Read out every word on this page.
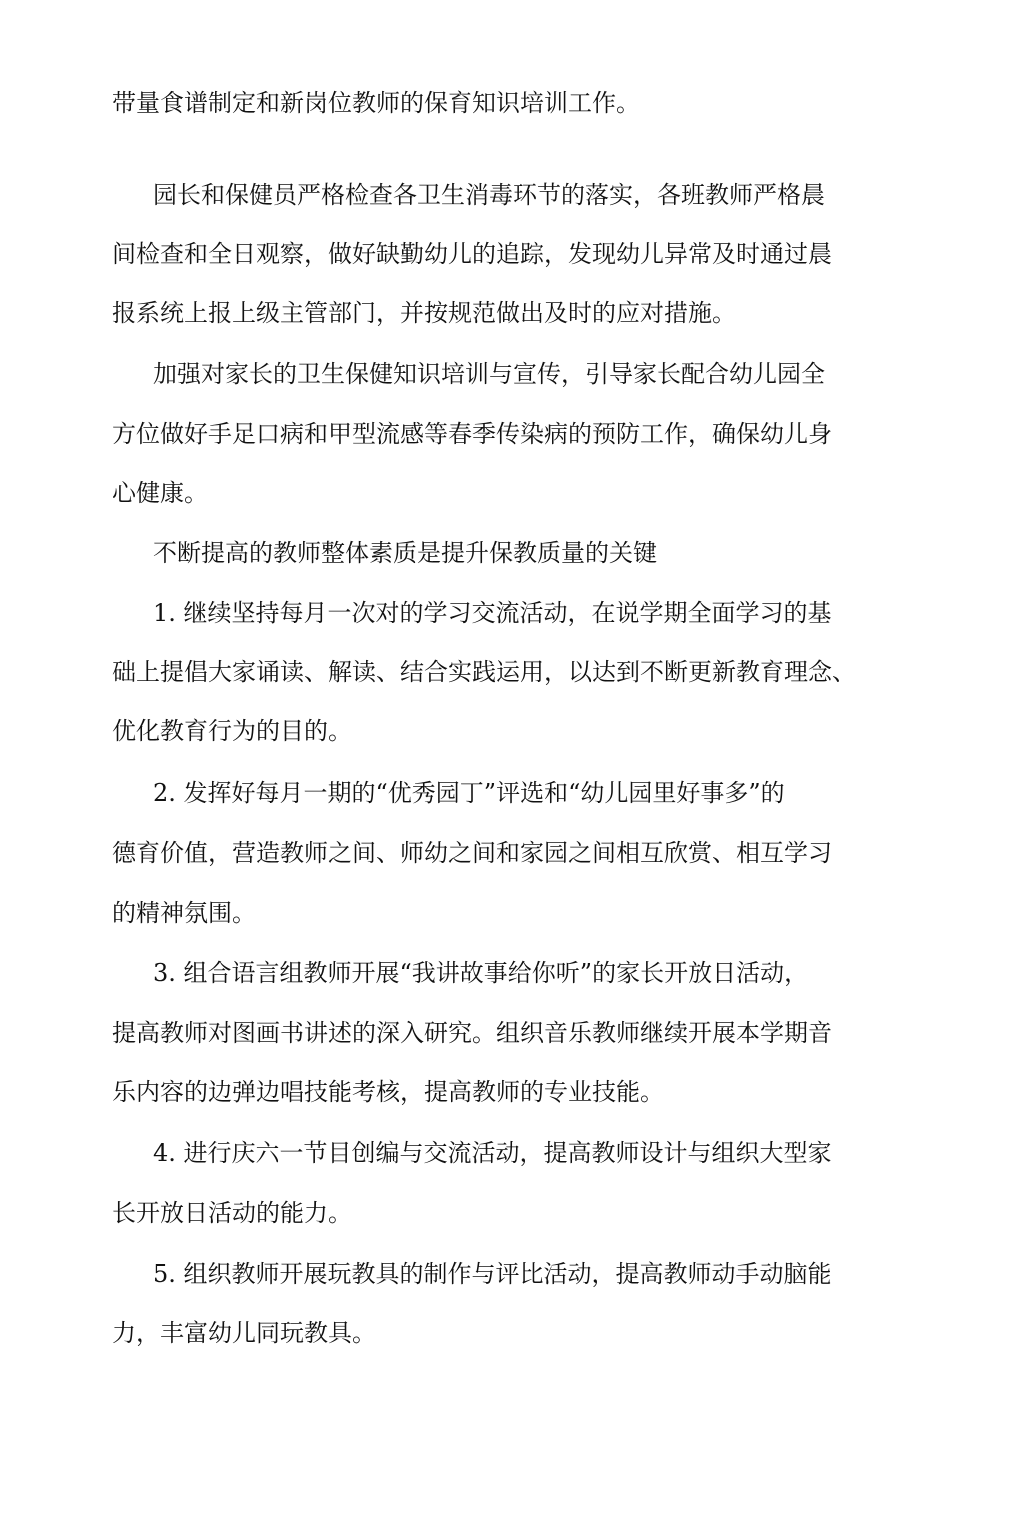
带量食谱制定和新岗位教师的保育知识培训工作。
园长和保健员严格检查各卫生消毒环节的落实，各班教师严格晨
间检查和全日观察，做好缺勤幼儿的追踪，发现幼儿异常及时通过晨
报系统上报上级主管部门，并按规范做出及时的应对措施。
加强对家长的卫生保健知识培训与宣传，引导家长配合幼儿园全
方位做好手足口病和甲型流感等春季传染病的预防工作，确保幼儿身
心健康。
不断提高的教师整体素质是提升保教质量的关键
1. 继续坚持每月一次对的学习交流活动，在说学期全面学习的基
础上提倡大家诵读、解读、结合实践运用，以达到不断更新教育理念、
优化教育行为的目的。
2. 发挥好每月一期的“优秀园丁”评选和“幼儿园里好事多”的
德育价值，营造教师之间、师幼之间和家园之间相互欣赏、相互学习
的精神氛围。
3. 组合语言组教师开展“我讲故事给你听”的家长开放日活动，
提高教师对图画书讲述的深入研究。组织音乐教师继续开展本学期音
乐内容的边弹边唱技能考核，提高教师的专业技能。
4. 进行庆六一节目创编与交流活动，提高教师设计与组织大型家
长开放日活动的能力。
5. 组织教师开展玩教具的制作与评比活动，提高教师动手动脑能
力，丰富幼儿同玩教具。
